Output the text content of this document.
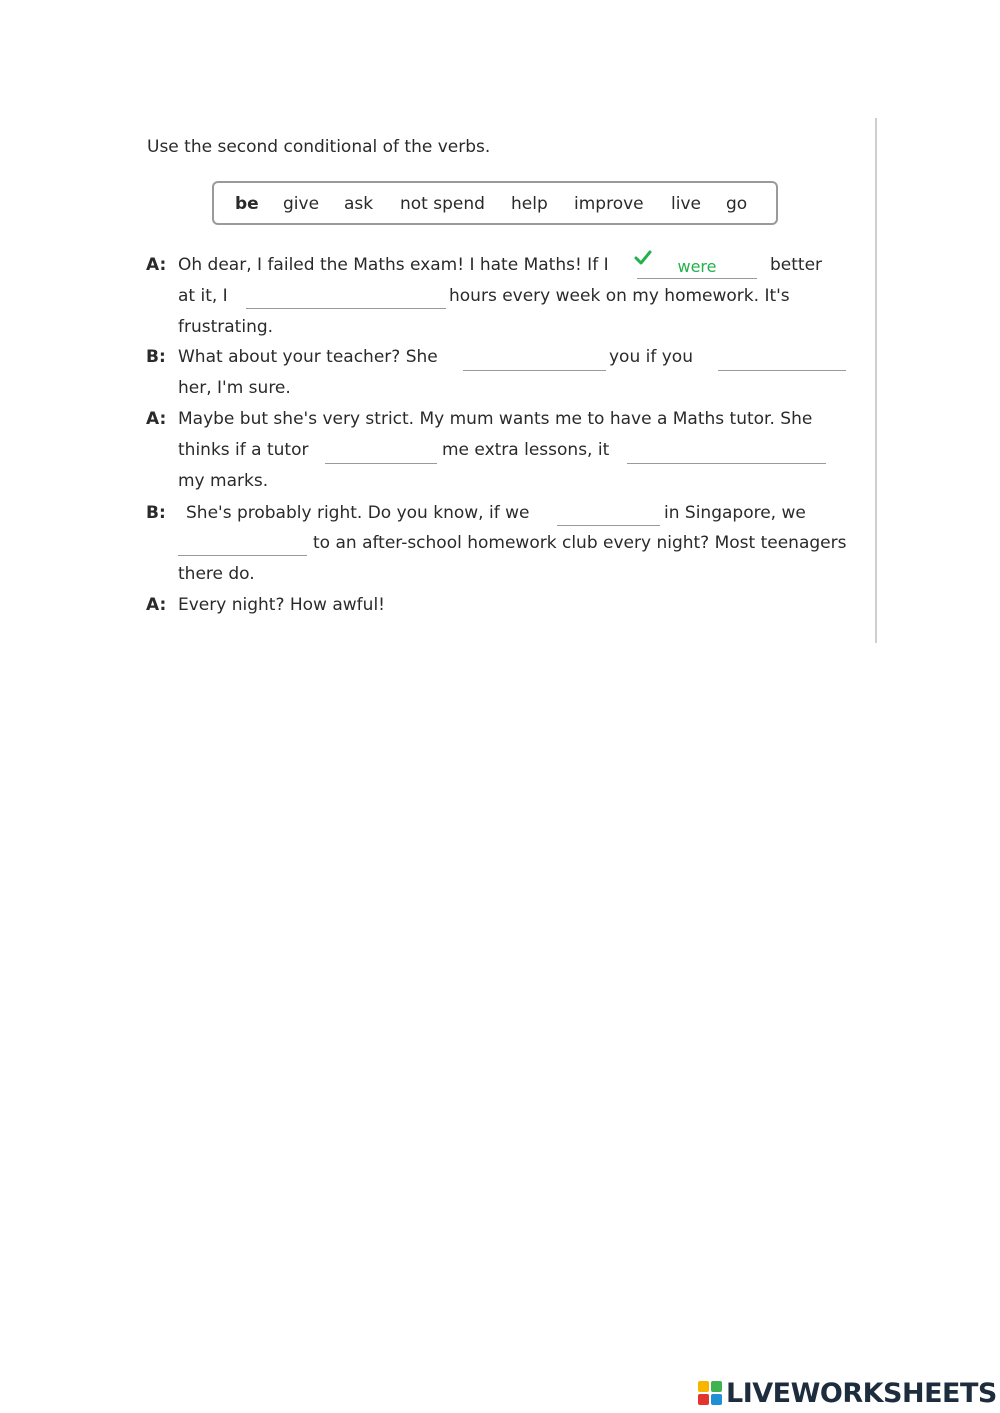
Use the second conditional of the verbs.
be give ask not spend help improve live go
A: Oh dear, I failed the Maths exam! I hate Maths! If I
were	better
at it, I	hours every week on my homework. It's
frustrating.
B: What about your teacher? She	you if you
her, I'm sure.
A: Maybe but she's very strict. My mum wants me to have a Maths tutor. She
thinks if a tutor	me extra lessons, it
my marks.
B: She's probably right. Do you know, if we	in Singapore, we
to an after-school homework club every night? Most teenagers
there do.
A: Every night? How awful!
LIVEWORKSHEETS
